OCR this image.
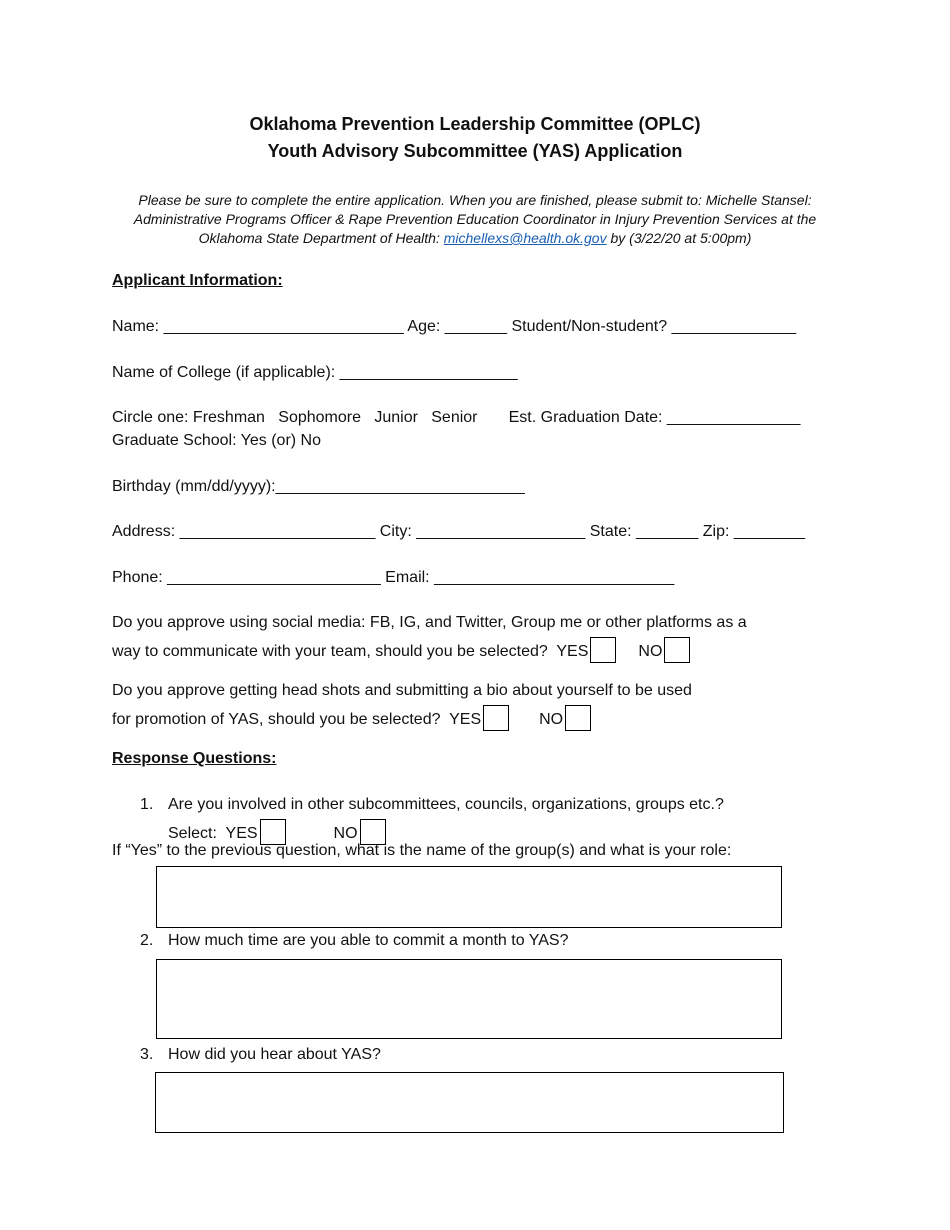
Oklahoma Prevention Leadership Committee (OPLC)
Youth Advisory Subcommittee (YAS) Application
Please be sure to complete the entire application. When you are finished, please submit to: Michelle Stansel: Administrative Programs Officer & Rape Prevention Education Coordinator in Injury Prevention Services at the Oklahoma State Department of Health: michellexs@health.ok.gov by (3/22/20 at 5:00pm)
Applicant Information:
Name: ___________________________ Age: _______ Student/Non-student? ______________
Name of College (if applicable): ____________________
Circle one: Freshman   Sophomore   Junior   Senior       Est. Graduation Date: _______________
Graduate School: Yes (or) No
Birthday (mm/dd/yyyy):____________________________
Address: ______________________ City: ___________________ State: _______ Zip: ________
Phone: ________________________ Email: ___________________________
Do you approve using social media: FB, IG, and Twitter, Group me or other platforms as a
way to communicate with your team, should you be selected?  YES	NO
Do you approve getting head shots and submitting a bio about yourself to be used
for promotion of YAS, should you be selected?  YES	NO
Response Questions:
1. Are you involved in other subcommittees, councils, organizations, groups etc.?
Select:  YES	NO
If “Yes” to the previous question, what is the name of the group(s) and what is your role:
2. How much time are you able to commit a month to YAS?
3. How did you hear about YAS?
